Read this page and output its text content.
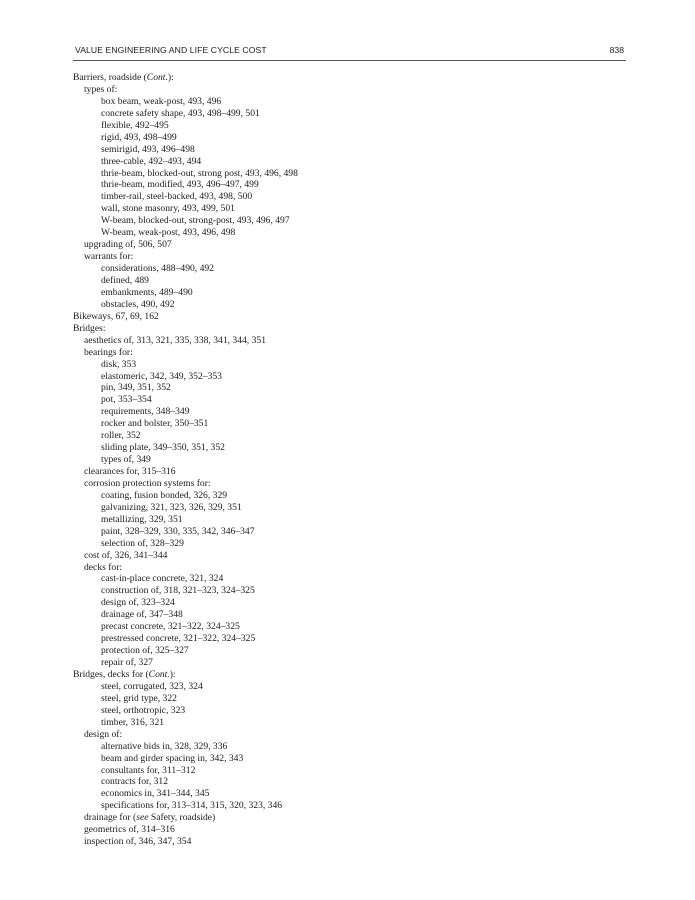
VALUE ENGINEERING AND LIFE CYCLE COST	838
Barriers, roadside (Cont.):
types of:
box beam, weak-post, 493, 496
concrete safety shape, 493, 498–499, 501
flexible, 492–495
rigid, 493, 498–499
semirigid, 493, 496–498
three-cable, 492–493, 494
thrie-beam, blocked-out, strong post, 493, 496, 498
thrie-beam, modified, 493, 496–497, 499
timber-rail, steel-backed, 493, 498, 500
wall, stone masonry, 493, 499, 501
W-beam, blocked-out, strong-post, 493, 496, 497
W-beam, weak-post, 493, 496, 498
upgrading of, 506, 507
warrants for:
considerations, 488–490, 492
defined, 489
embankments, 489–490
obstacles, 490, 492
Bikeways, 67, 69, 162
Bridges:
aesthetics of, 313, 321, 335, 338, 341, 344, 351
bearings for:
disk, 353
elastomeric, 342, 349, 352–353
pin, 349, 351, 352
pot, 353–354
requirements, 348–349
rocker and bolster, 350–351
roller, 352
sliding plate, 349–350, 351, 352
types of, 349
clearances for, 315–316
corrosion protection systems for:
coating, fusion bonded, 326, 329
galvanizing, 321, 323, 326, 329, 351
metallizing, 329, 351
paint, 328–329, 330, 335, 342, 346–347
selection of, 328–329
cost of, 326, 341–344
decks for:
cast-in-place concrete, 321, 324
construction of, 318, 321–323, 324–325
design of, 323–324
drainage of, 347–348
precast concrete, 321–322, 324–325
prestressed concrete, 321–322, 324–325
protection of, 325–327
repair of, 327
Bridges, decks for (Cont.):
steel, corrugated, 323, 324
steel, grid type, 322
steel, orthotropic, 323
timber, 316, 321
design of:
alternative bids in, 328, 329, 336
beam and girder spacing in, 342, 343
consultants for, 311–312
contracts for, 312
economics in, 341–344, 345
specifications for, 313–314, 315, 320, 323, 346
drainage for (see Safety, roadside)
geometrics of, 314–316
inspection of, 346, 347, 354
